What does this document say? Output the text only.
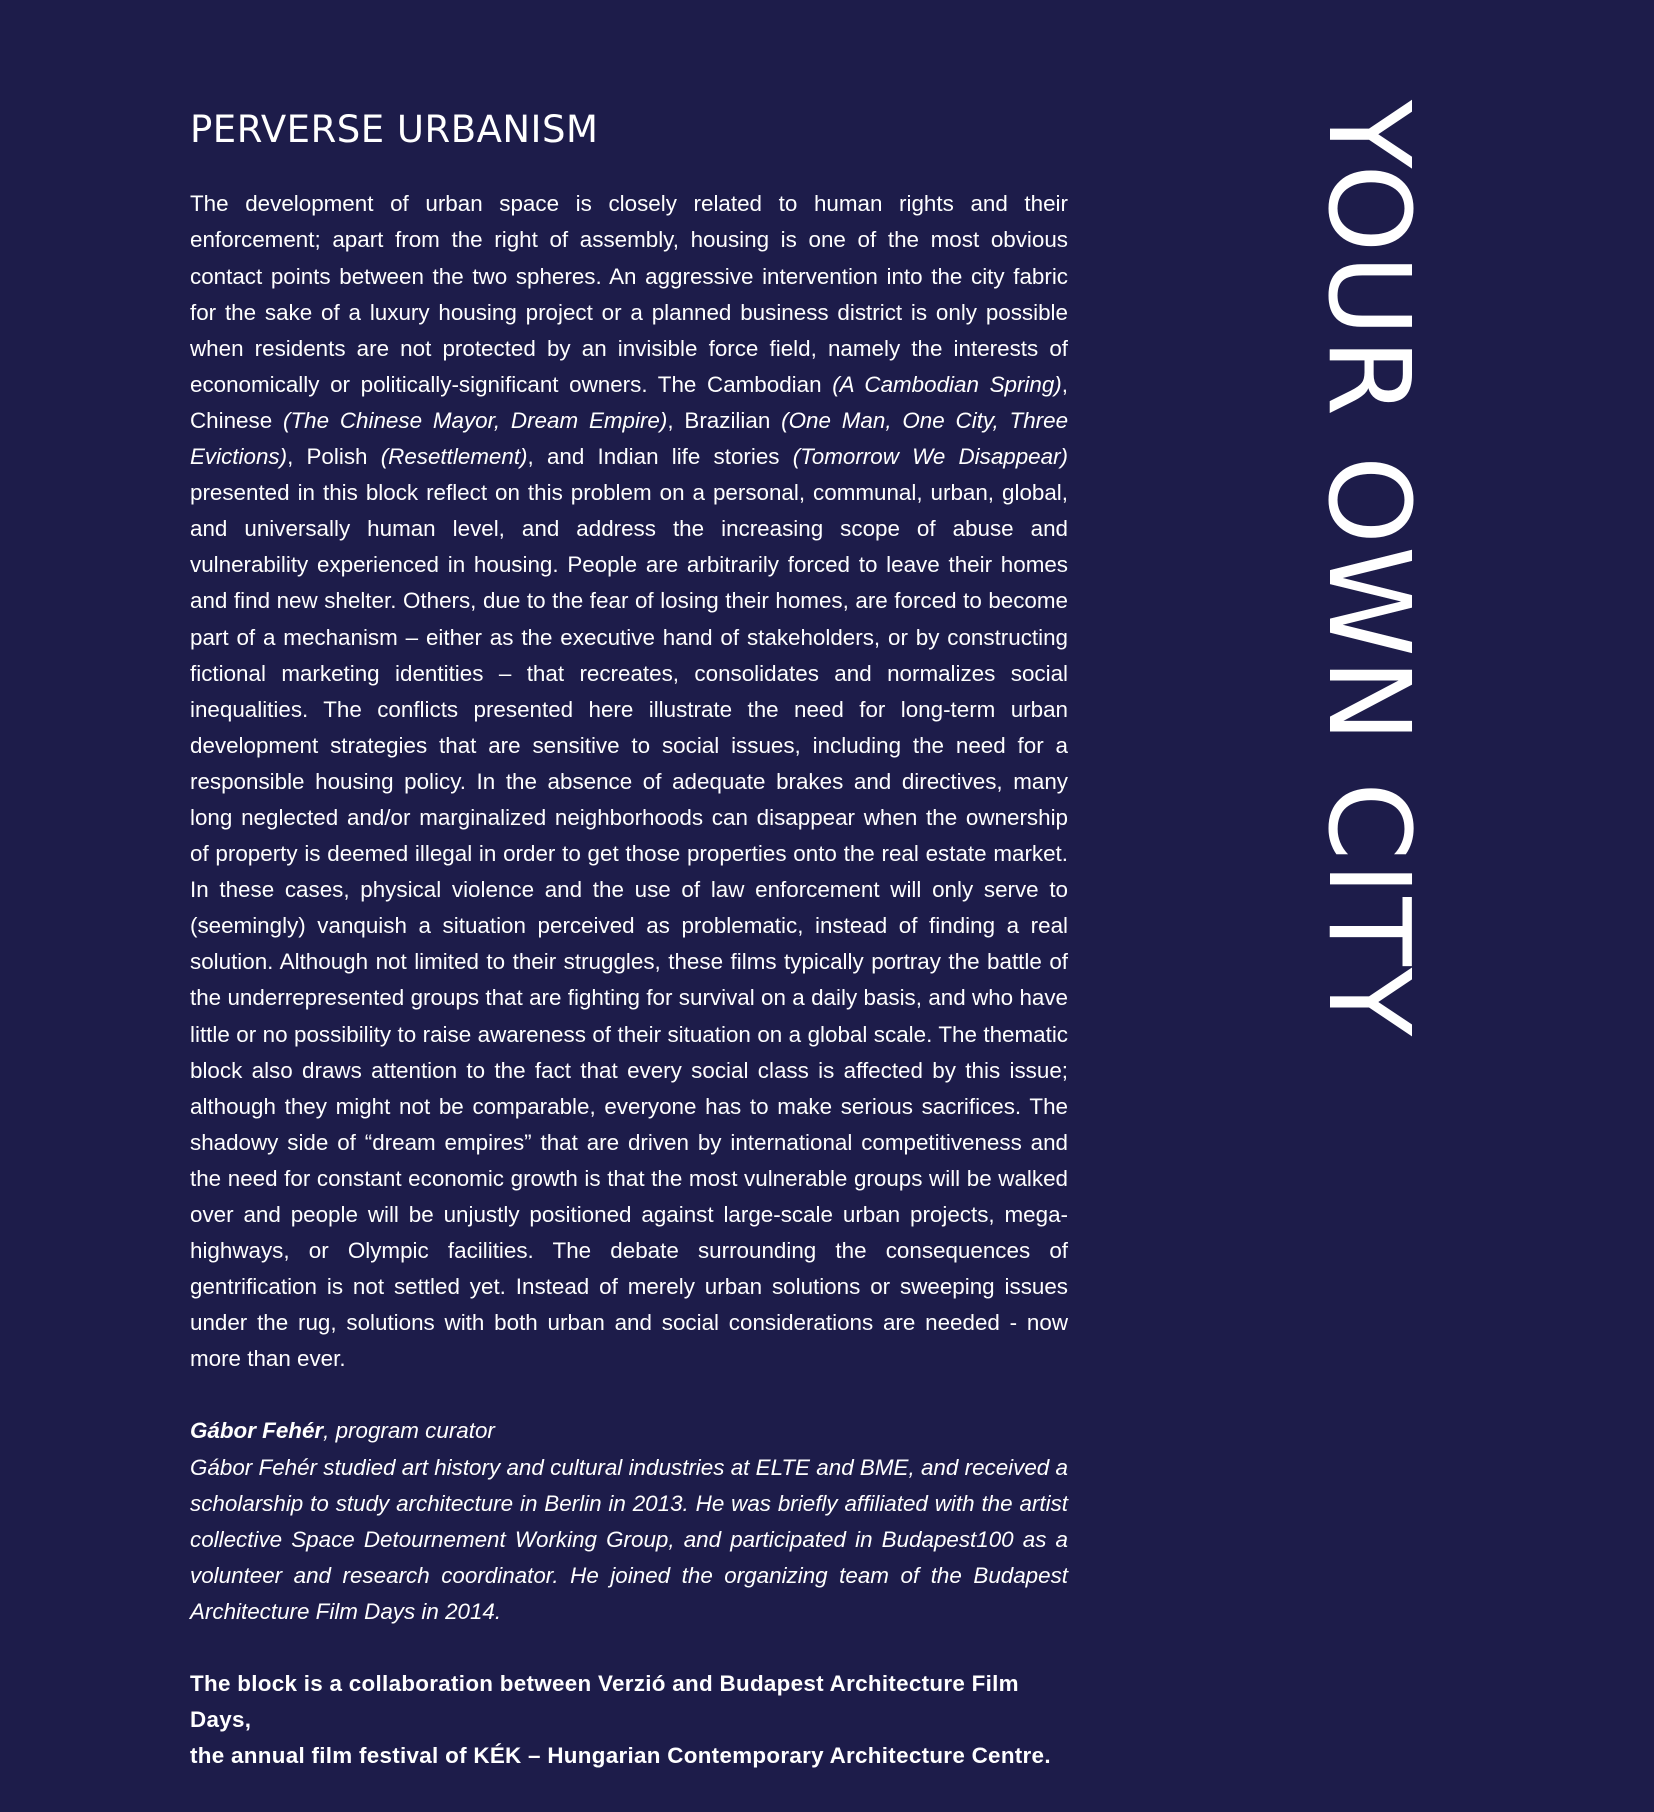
PERVERSE URBANISM

The development of urban space is closely related to human rights and their enforcement; apart from the right of assembly, housing is one of the most obvious contact points between the two spheres. An aggressive intervention into the city fabric for the sake of a luxury housing project or a planned business district is only possible when residents are not protected by an invisible force field, namely the interests of economically or politically-significant owners. The Cambodian (A Cambodian Spring), Chinese (The Chinese Mayor, Dream Empire), Brazilian (One Man, One City, Three Evictions), Polish (Resettlement), and Indian life stories (Tomorrow We Disappear) presented in this block reflect on this problem on a personal, communal, urban, global, and universally human level, and address the increasing scope of abuse and vulnerability experienced in housing. People are arbitrarily forced to leave their homes and find new shelter. Others, due to the fear of losing their homes, are forced to become part of a mechanism – either as the executive hand of stakeholders, or by constructing fictional marketing identities – that recreates, consolidates and normalizes social inequalities. The conflicts presented here illustrate the need for long-term urban development strategies that are sensitive to social issues, including the need for a responsible housing policy. In the absence of adequate brakes and directives, many long neglected and/or marginalized neighborhoods can disappear when the ownership of property is deemed illegal in order to get those properties onto the real estate market. In these cases, physical violence and the use of law enforcement will only serve to (seemingly) vanquish a situation perceived as problematic, instead of finding a real solution. Although not limited to their struggles, these films typically portray the battle of the underrepresented groups that are fighting for survival on a daily basis, and who have little or no possibility to raise awareness of their situation on a global scale. The thematic block also draws attention to the fact that every social class is affected by this issue; although they might not be comparable, everyone has to make serious sacrifices. The shadowy side of “dream empires” that are driven by international competitiveness and the need for constant economic growth is that the most vulnerable groups will be walked over and people will be unjustly positioned against large-scale urban projects, mega-highways, or Olympic facilities. The debate surrounding the consequences of gentrification is not settled yet. Instead of merely urban solutions or sweeping issues under the rug, solutions with both urban and social considerations are needed - now more than ever.

Gábor Fehér, program curator
Gábor Fehér studied art history and cultural industries at ELTE and BME, and received a scholarship to study architecture in Berlin in 2013. He was briefly affiliated with the artist collective Space Detournement Working Group, and participated in Budapest100 as a volunteer and research coordinator. He joined the organizing team of the Budapest Architecture Film Days in 2014.
The block is a collaboration between Verzió and Budapest Architecture Film Days,
the annual film festival of KÉK – Hungarian Contemporary Architecture Centre.
YOUR OWN CITY
